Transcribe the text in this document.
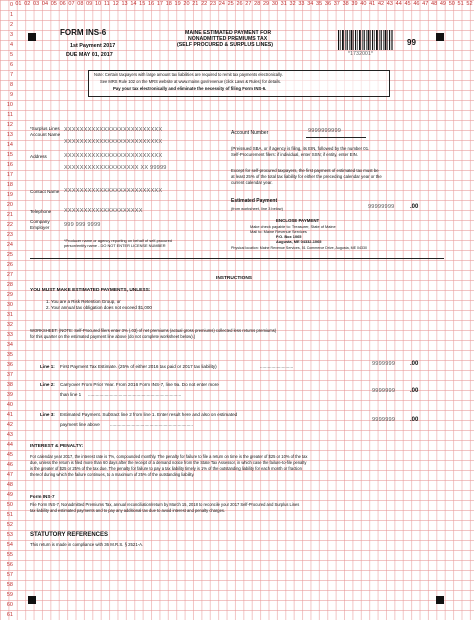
0
1
2
3
4
5
6
7
8
9
10
11
12
13
14
15
16
17
18
19
20
21
22
23
24
25
26
27
28
29
30
31
32
33
34
35
36
37
38
39
40
41
42
43
44
45
46
47
48
49
50
51
52
53
54
55
56
57
58
59
60
61
01 02 03 04 05 06 07 08 09 10 11 12 13 14 15 16 17 18 19 20 21 22 23 24 25 26 27 28 29 30 31 32 33 34 35 36 37 38 39 40 41 42 43 44 45 46 47 48 49 50 51 52
FORM INS-6	MAINE ESTIMATED PAYMENT FOR
NONADMITTED PREMIUMS TAX
(SELF PROCURED & SURPLUS LINES)	99
*1732001*
1st Payment 2017
DUE MAY 01, 2017
Note: Certain taxpayers with large amount tax liabilities are required to remit tax payments electronically.
See MRS Rule 102 on the MRS website at www.maine.gov/revenue (click Laws & Rules) for details.
Pay your tax electronically and eliminate the necessity of filing Form INS-6.
*Surplus Lines
Account Name
XXXXXXXXXXXXXXXXXXXXXXXXX
XXXXXXXXXXXXXXXXXXXXXXXXX
Address	XXXXXXXXXXXXXXXXXXXXXXXXX
XXXXXXXXXXXXXXXXXXX XX 99999
Contact Name XXXXXXXXXXXXXXXXXXXXXXXXX
Telephone XXXXXXXXXXXXXXXXXXXX
Company
Employer	999 999 9999
*Producer name or agency reporting on behalf of self-procured
person/entity name - DO NOT ENTER LICENSE NUMBER
Account Number	9999999999
(Preissued SBA, or if agency is filing, its EIN, followed by the number 01.
Self-Procurement filers: if individual, enter SSN; if entity, enter EIN.
Except for self-procured taxpayers, the first payment of estimated tax must be
at least 25% of the total tax liability for either the preceding calendar year or the
current calendar year.
Estimated Payment
(from worksheet, line 3 below)	99999999	.00
ENCLOSE PAYMENT
Make check payable to: Treasurer, State of Maine
Mail to: Maine Revenue Services
P.O. Box 1065
Augusta, ME 04332-1065
Physical location: Maine Revenue Services, 51 Commerce Drive, Augusta, ME 04330
INSTRUCTIONS
YOU MUST MAKE ESTIMATED PAYMENTS, UNLESS:
1. You are a Risk Retention Group, or
2. Your annual tax obligation does not exceed $1,000
WORKSHEET: (NOTE: Self-Procured filers enter 3% (.03) of net premiums (actual gross premiums) collected less returns premiums)
for this quarter on the estimated payment line above (do not complete worksheet below).)
Line 1: First Payment Tax Estimate. (25% of either 2016 tax paid or 2017 tax liability)	..........................	9999999 .00
Line 2: Carryover From Prior Year. From 2016 Form INS-7, line 9a. Do not enter more
than line 1 .........................................................................
9999999 .00
Line 3: Estimated Payment. Subtract line 2 from line 1. Enter result here and also on estimated
payment line above .................................................................
9999999 .00
INTEREST & PENALTY:
For calendar year 2017, the interest rate is 7%, compounded monthly. The penalty for failure to file a return on time is the greater of $25 or 10% of the tax
due, unless the return is filed more than 60 days after the receipt of a demand notice from the State Tax Assessor, in which case the failure-to-file penalty
is the greater of $25 or 25% of the tax due. The penalty for failure to pay a tax liability timely is 1% of the outstanding liability for each month or fraction
thereof during which the failure continues, to a maximum of 25% of the outstanding liability.
Form INS-7
File Form INS-7, Nonadmitted Premiums Tax, annual reconciliation/return by March 15, 2018 to reconcile your 2017 Self-Procured and Surplus Lines
tax liability and estimated payments and to pay any additional tax due to avoid interest and penalty charges.
STATUTORY REFERENCES
This return is made in compliance with 36 M.R.S. § 2521-A.
